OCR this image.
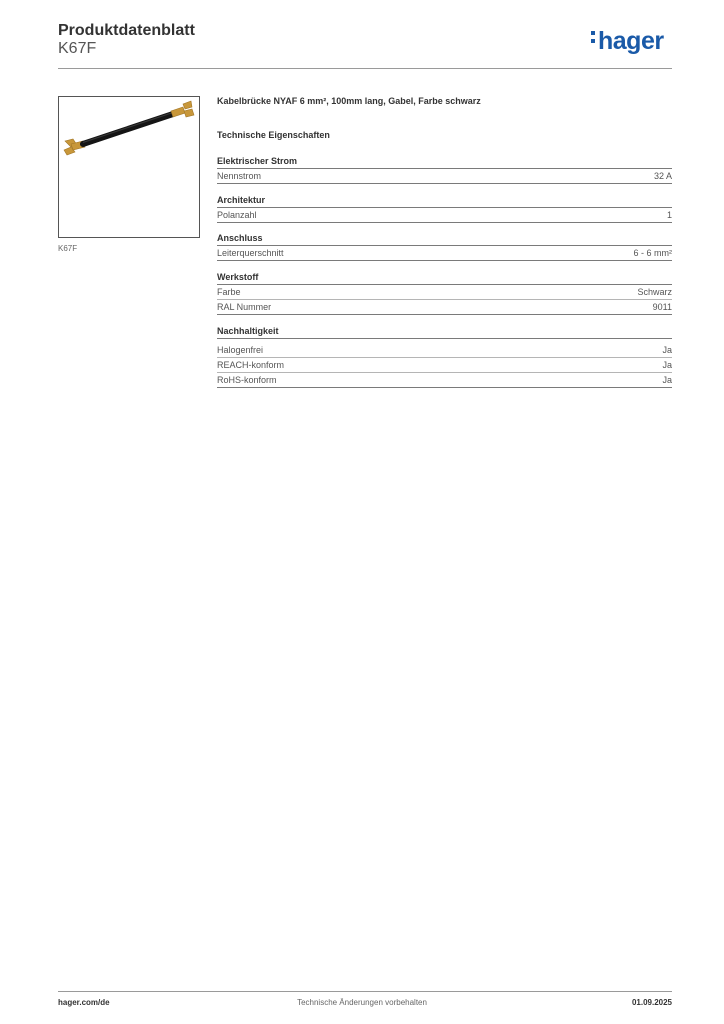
Produktdatenblatt
K67F	hager
K67F
Kabelbrücke NYAF 6 mm², 100mm lang, Gabel, Farbe schwarz
Technische Eigenschaften
Elektrischer Strom
Nennstrom	32 A
Architektur
Polanzahl	1
Anschluss
Leiterquerschnitt	6 - 6 mm²
Werkstoff
Farbe	Schwarz
RAL Nummer	9011
Nachhaltigkeit
Halogenfrei	Ja
REACH-konform	Ja
RoHS-konform	Ja
hager.com/de	Technische Änderungen vorbehalten	01.09.2025
